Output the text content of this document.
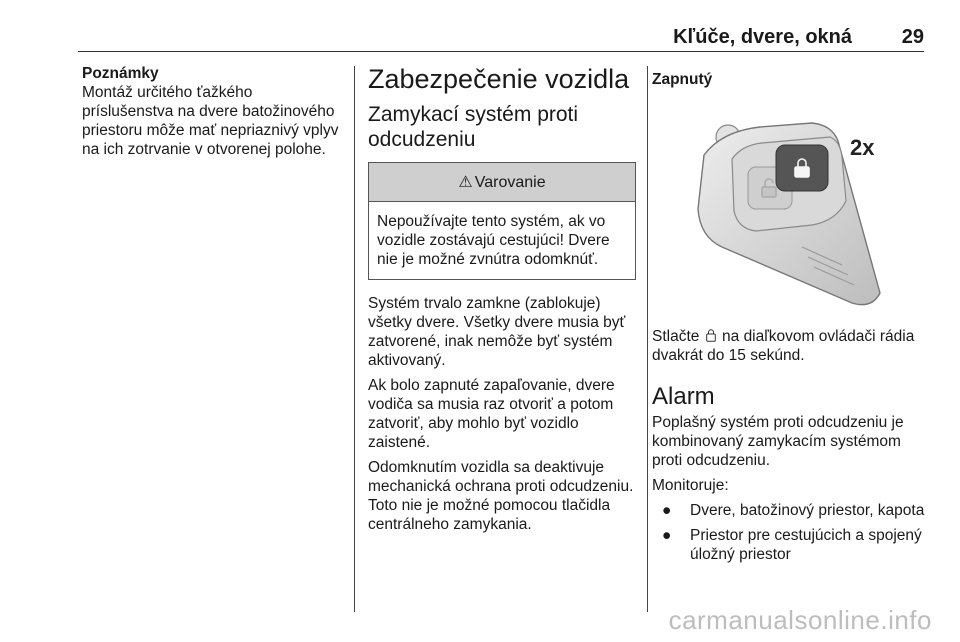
Kľúče, dvere, okná 29

Poznámky

Montáž určitého ťažkého príslušenstva na dvere batožinového priestoru môže mať nepriaznivý vplyv na ich zotrvanie v otvorenej polohe.

Zabezpečenie vozidla

Zamykací systém proti odcudzeniu

⚠ Varovanie
Nepoužívajte tento systém, ak vo vozidle zostávajú cestujúci! Dvere nie je možné zvnútra odomknúť.

Systém trvalo zamkne (zablokuje) všetky dvere. Všetky dvere musia byť zatvorené, inak nemôže byť systém aktivovaný.

Ak bolo zapnuté zapaľovanie, dvere vodiča sa musia raz otvoriť a potom zatvoriť, aby mohlo byť vozidlo zaistené.

Odomknutím vozidla sa deaktivuje mechanická ochrana proti odcudzeniu. Toto nie je možné pomocou tlačidla centrálneho zamykania.

Zapnutý

2x

Stlačte na diaľkovom ovládači rádia dvakrát do 15 sekúnd.

Alarm

Poplašný systém proti odcudzeniu je kombinovaný zamykacím systémom proti odcudzeniu.

Monitoruje:

● Dvere, batožinový priestor, kapota
● Priestor pre cestujúcich a spojený úložný priestor
carmanualsonline.info
